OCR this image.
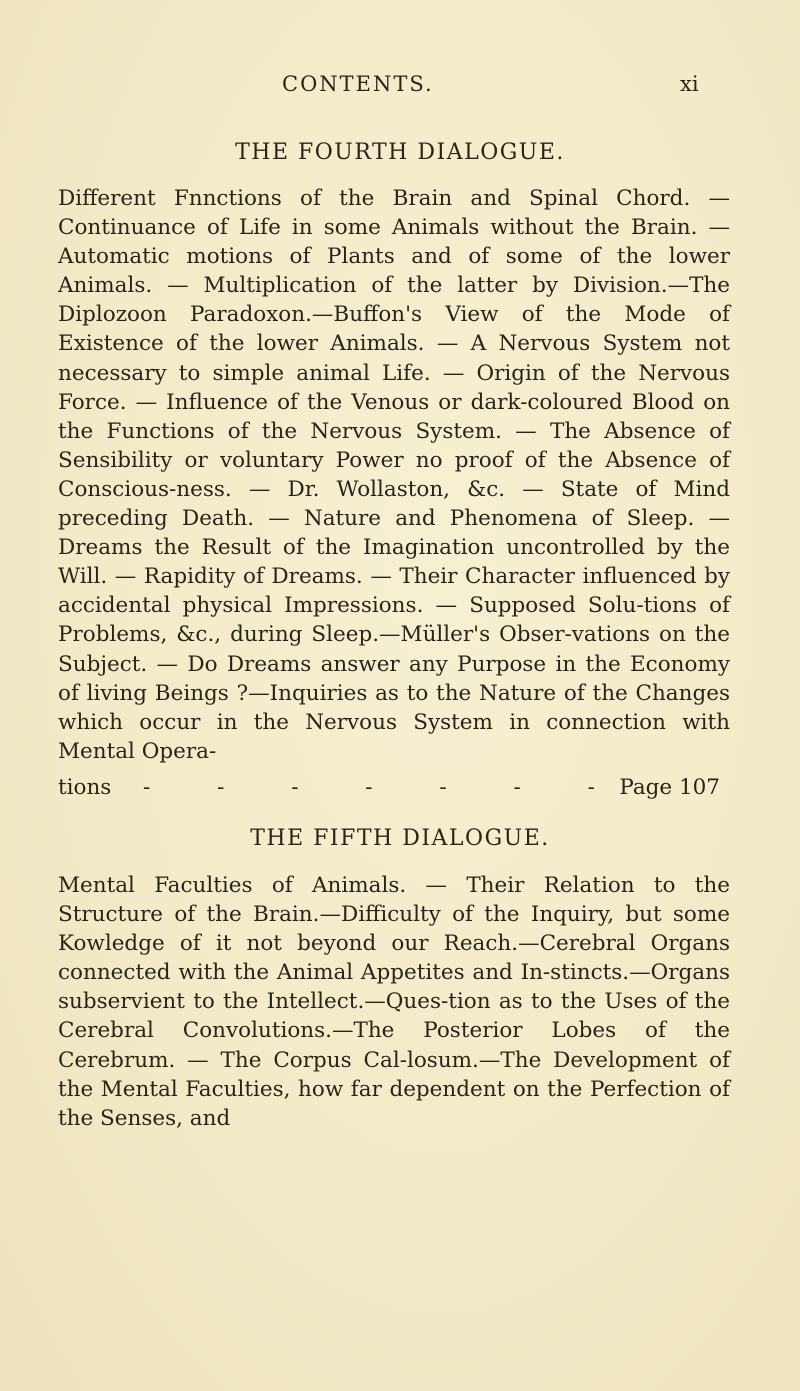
CONTENTS.	xi
THE FOURTH DIALOGUE.

Different Fnnctions of the Brain and Spinal Chord. — Continuance of Life in some Animals without the Brain. — Automatic motions of Plants and of some of the lower Animals. — Multiplication of the latter by Division.—The Diplozoon Paradoxon.—Buffon's View of the Mode of Existence of the lower Animals. — A Nervous System not necessary to simple animal Life. — Origin of the Nervous Force. — Influence of the Venous or dark-coloured Blood on the Functions of the Nervous System. — The Absence of Sensibility or voluntary Power no proof of the Absence of Conscious-ness. — Dr. Wollaston, &c. — State of Mind preceding Death. — Nature and Phenomena of Sleep. — Dreams the Result of the Imagination uncontrolled by the Will. — Rapidity of Dreams. — Their Character influenced by accidental physical Impressions. — Supposed Solu-tions of Problems, &c., during Sleep.—Müller's Obser-vations on the Subject. — Do Dreams answer any Purpose in the Economy of living Beings ?—Inquiries as to the Nature of the Changes which occur in the Nervous System in connection with Mental Opera-

tions - - - - - - -
Page 107
THE FIFTH DIALOGUE.

Mental Faculties of Animals. — Their Relation to the Structure of the Brain.—Difficulty of the Inquiry, but some Kowledge of it not beyond our Reach.—Cerebral Organs connected with the Animal Appetites and In-stincts.—Organs subservient to the Intellect.—Ques-tion as to the Uses of the Cerebral Convolutions.—The Posterior Lobes of the Cerebrum. — The Corpus Cal-losum.—The Development of the Mental Faculties, how far dependent on the Perfection of the Senses, and
